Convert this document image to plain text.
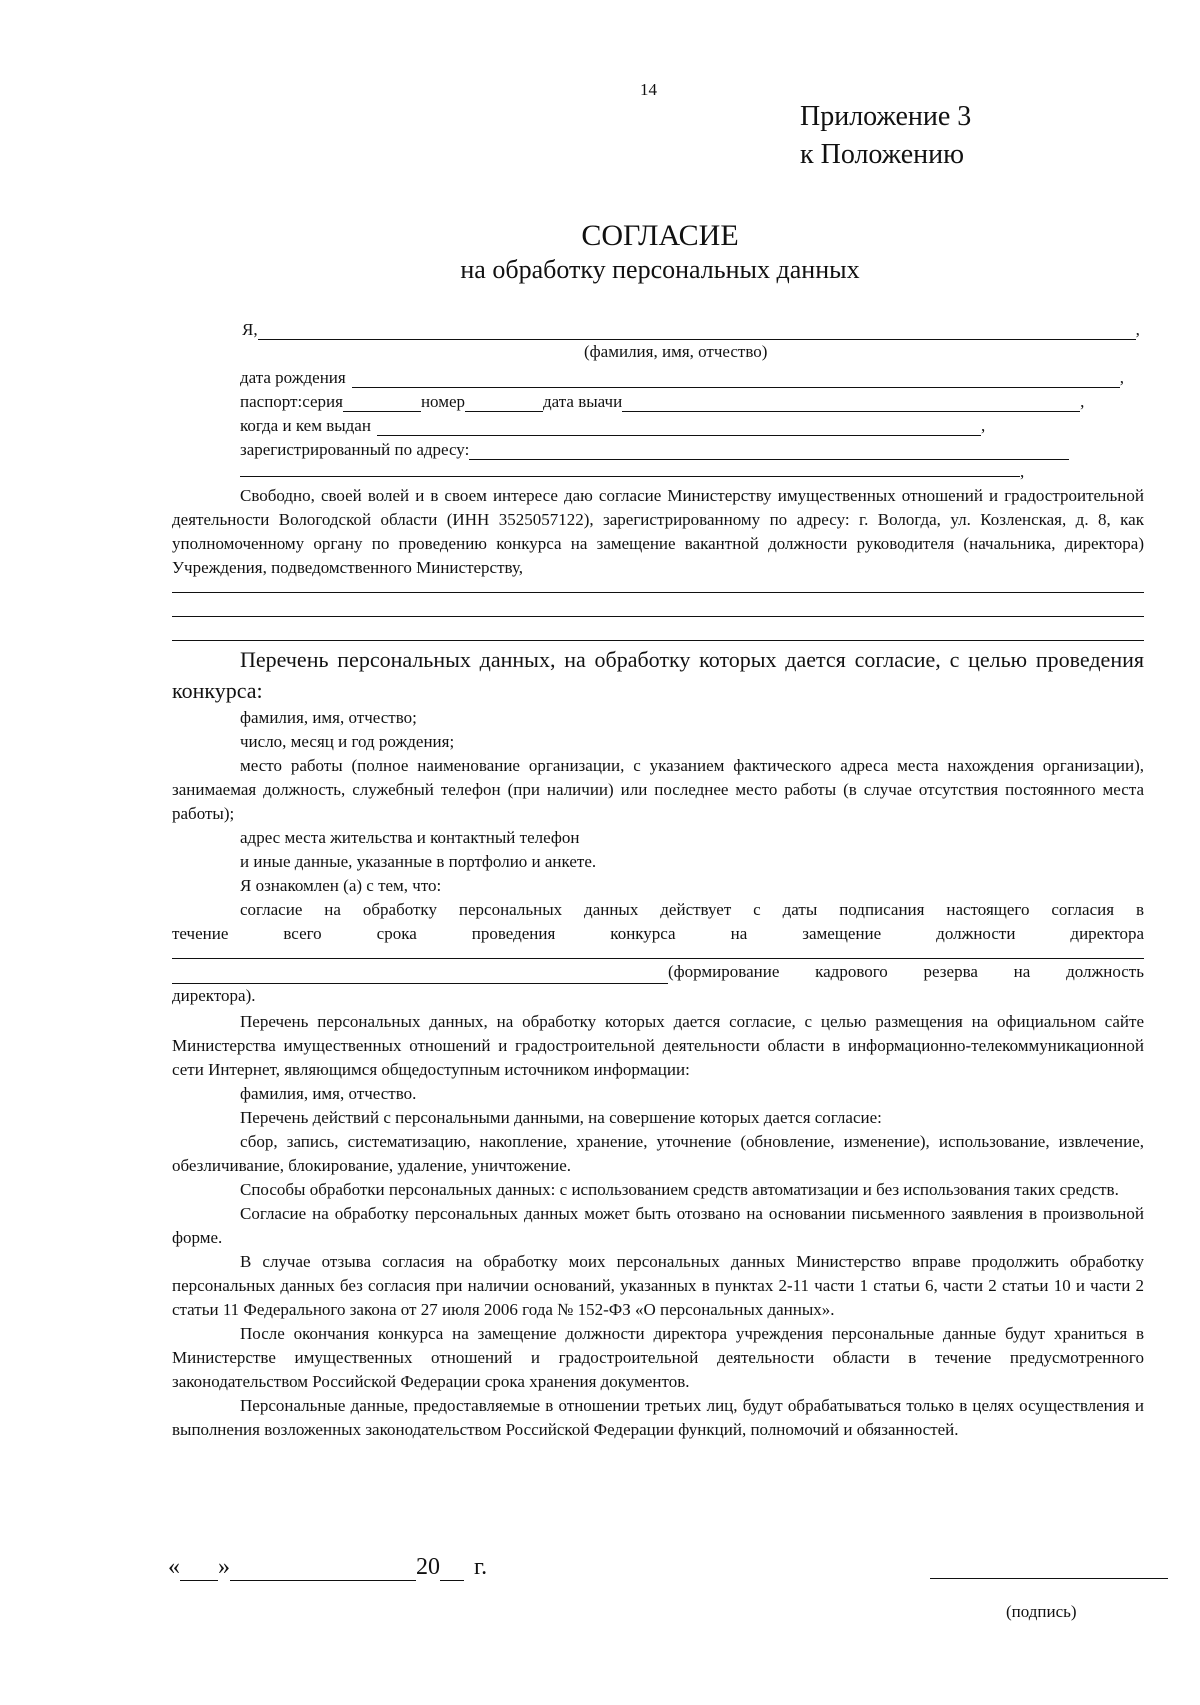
14
Приложение 3
к Положению
СОГЛАСИЕ
на обработку персональных данных
Я,	,
(фамилия, имя, отчество)
дата рождения	,
паспорт:серия	номер	дата выачи	,
когда и кем выдан	,
зарегистрированный по адресу:
,

Свободно, своей волей и в своем интересе даю согласие Министерству имущественных отношений и градостроительной деятельности Вологодской области (ИНН 3525057122), зарегистрированному по адресу: г. Вологда, ул. Козленская, д. 8, как уполномоченному органу по проведению конкурса на замещение вакантной должности руководителя (начальника, директора) Учреждения, подведомственного Министерству,

Перечень персональных данных, на обработку которых дается согласие, с целью проведения конкурса:

фамилия, имя, отчество;

число, месяц и год рождения;

место работы (полное наименование организации, с указанием фактического адреса места нахождения организации), занимаемая должность, служебный телефон (при наличии) или последнее место работы (в случае отсутствия постоянного места работы);

адрес места жительства и контактный телефон

и иные данные, указанные в портфолио и анкете.

Я ознакомлен (а) с тем, что:

согласие на обработку персональных данных действует с даты подписания настоящего согласия в

течение всего срока проведения конкурса на замещение должности директора

(формирование кадрового резерва на должность

директора).

Перечень персональных данных, на обработку которых дается согласие, с целью размещения на официальном сайте Министерства имущественных отношений и градостроительной деятельности области в информационно-телекоммуникационной сети Интернет, являющимся общедоступным источником информации:

фамилия, имя, отчество.

Перечень действий с персональными данными, на совершение которых дается согласие:

сбор, запись, систематизацию, накопление, хранение, уточнение (обновление, изменение), использование, извлечение, обезличивание, блокирование, удаление, уничтожение.

Способы обработки персональных данных: с использованием средств автоматизации и без использования таких средств.

Согласие на обработку персональных данных может быть отозвано на основании письменного заявления в произвольной форме.

В случае отзыва согласия на обработку моих персональных данных Министерство вправе продолжить обработку персональных данных без согласия при наличии оснований, указанных в пунктах 2-11 части 1 статьи 6, части 2 статьи 10 и части 2 статьи 11 Федерального закона от 27 июля 2006 года № 152-ФЗ «О персональных данных».

После окончания конкурса на замещение должности директора учреждения персональные данные будут храниться в Министерстве имущественных отношений и градостроительной деятельности области в течение предусмотренного законодательством Российской Федерации срока хранения документов.

Персональные данные, предоставляемые в отношении третьих лиц, будут обрабатываться только в целях осуществления и выполнения возложенных законодательством Российской Федерации функций, полномочий и обязанностей.

« »	20 г.
(подпись)
